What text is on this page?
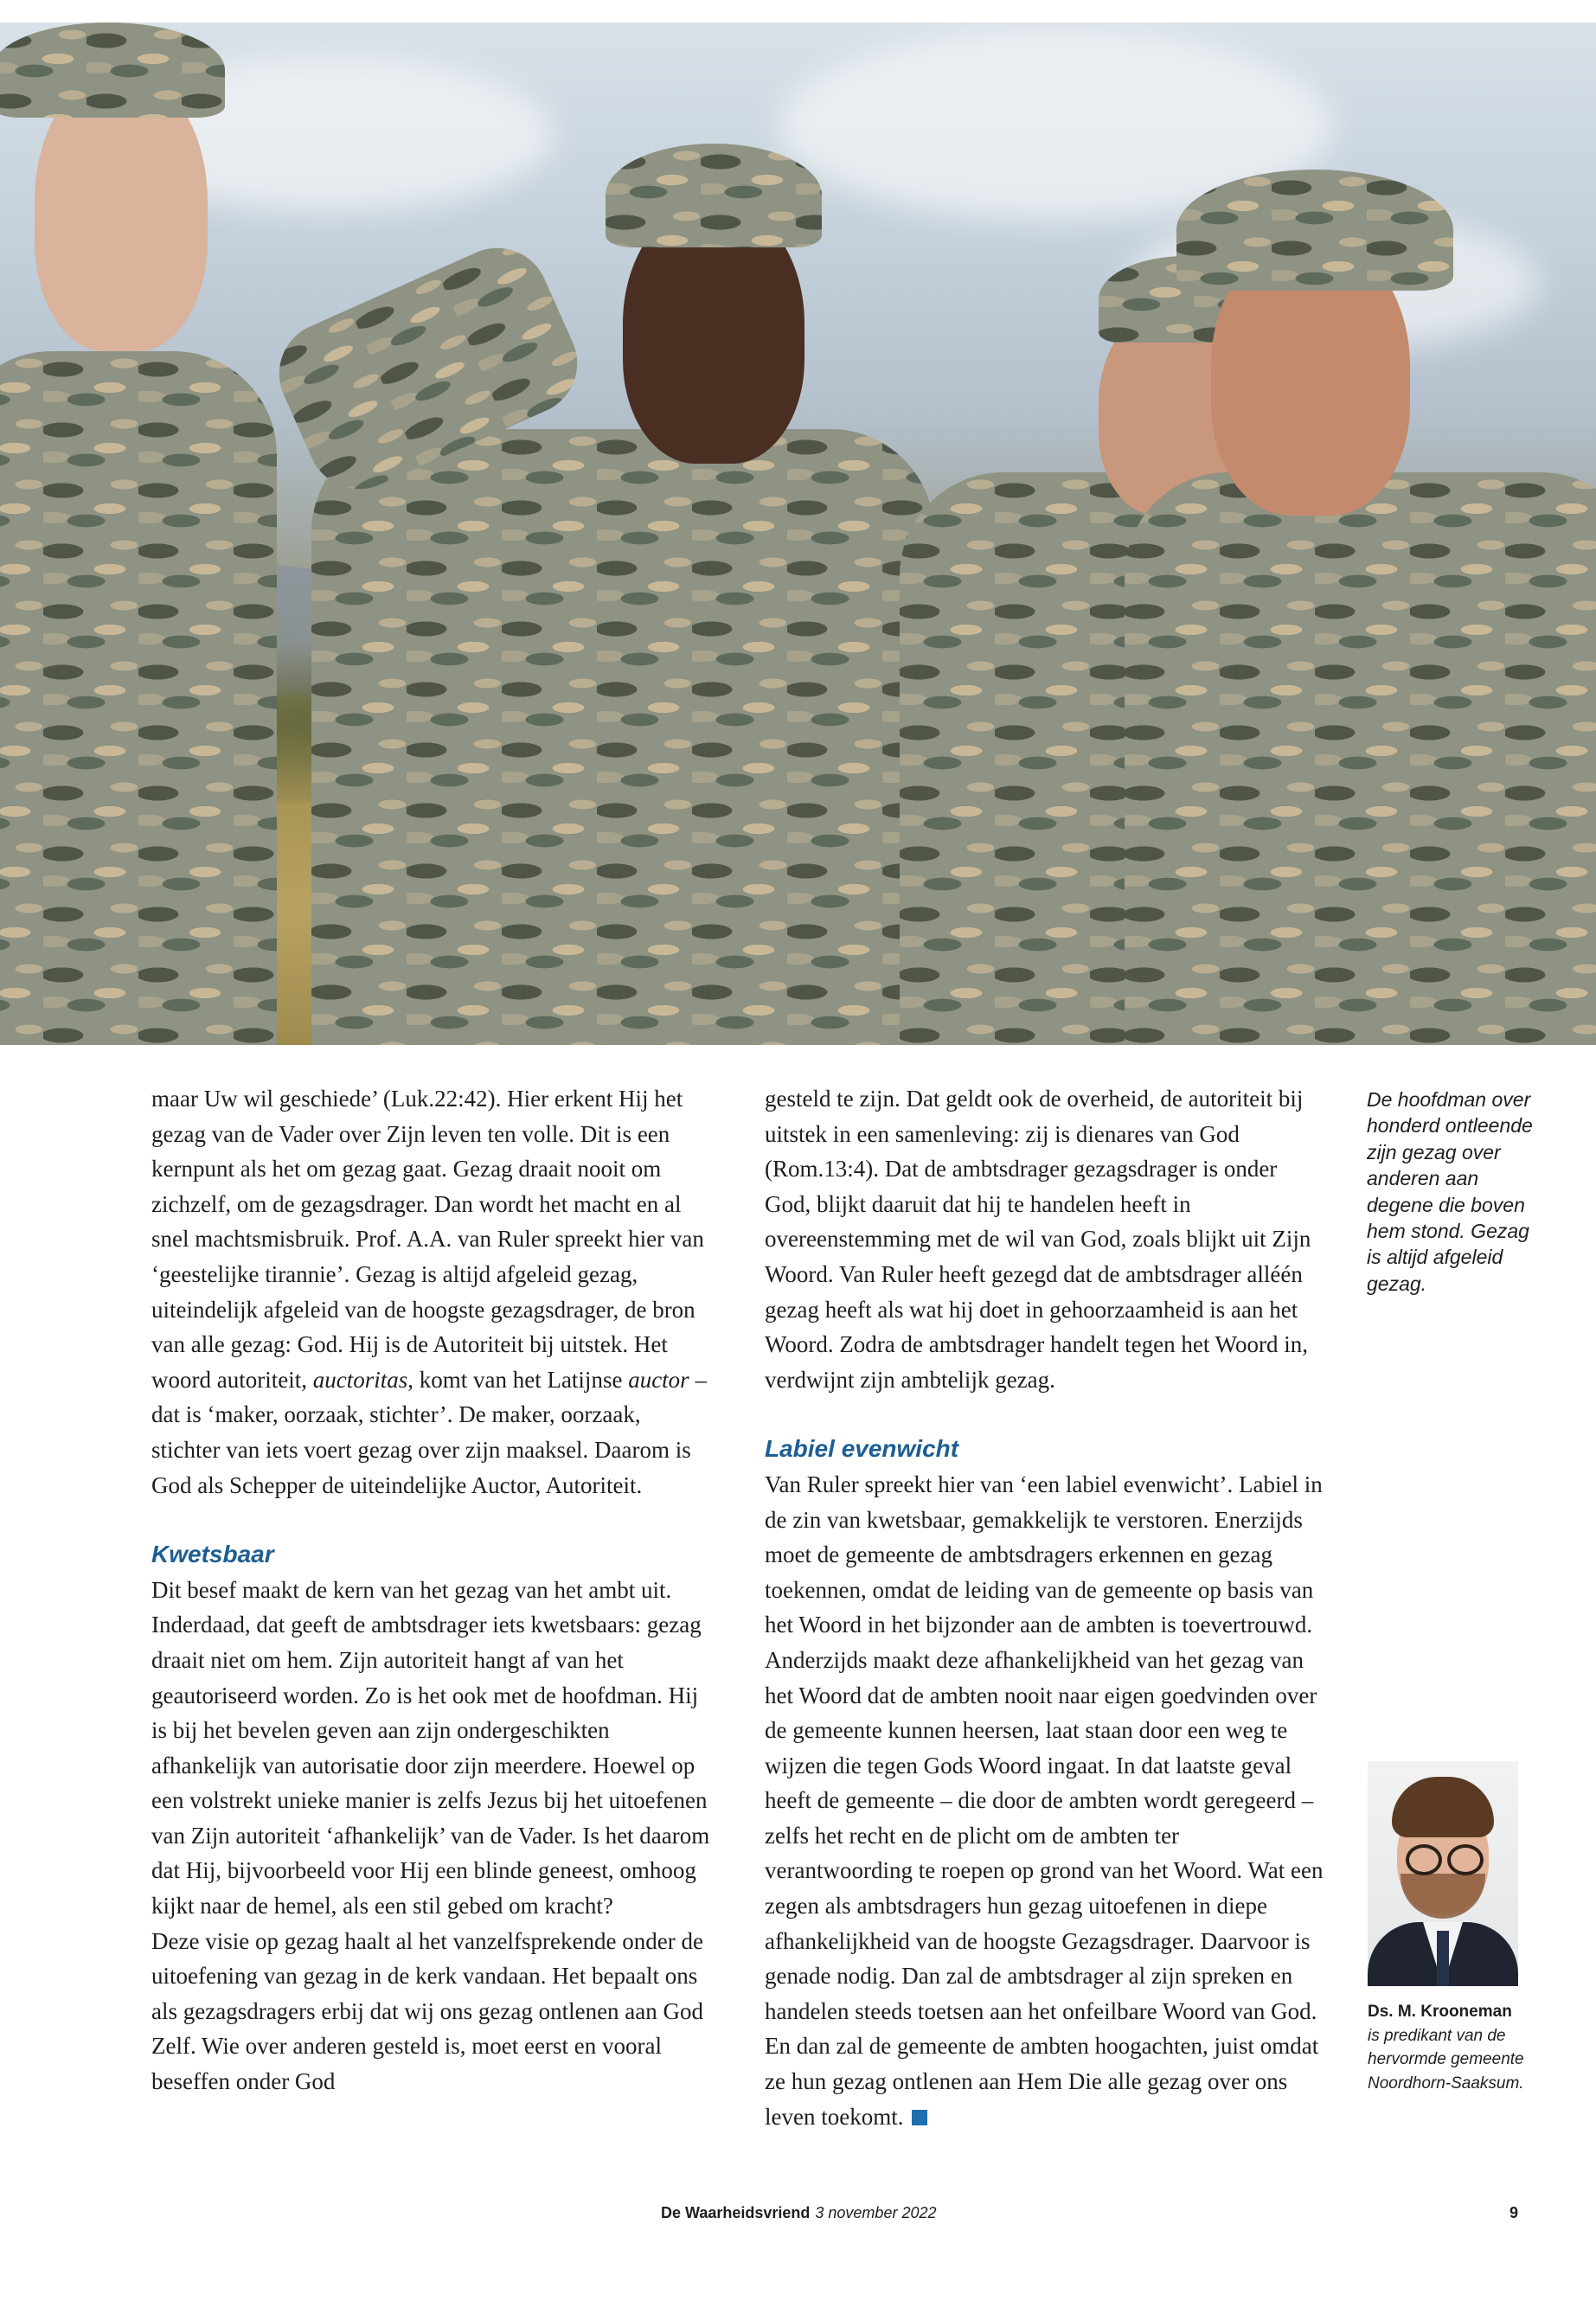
maar Uw wil geschiede’ (Luk.22:42). Hier erkent Hij het gezag van de Vader over Zijn leven ten volle. Dit is een kernpunt als het om gezag gaat. Gezag draait nooit om zichzelf, om de gezagsdrager. Dan wordt het macht en al snel machtsmisbruik. Prof. A.A. van Ruler spreekt hier van ‘geestelijke tirannie’. Gezag is altijd afgeleid gezag, uiteindelijk afgeleid van de hoogste gezagsdrager, de bron van alle gezag: God. Hij is de Autoriteit bij uitstek. Het woord autoriteit, auctoritas, komt van het Latijnse auctor – dat is ‘maker, oorzaak, stichter’. De maker, oorzaak, stichter van iets voert gezag over zijn maaksel. Daarom is God als Schepper de uiteindelijke Auctor, Autoriteit.

Kwetsbaar

Dit besef maakt de kern van het gezag van het ambt uit. Inderdaad, dat geeft de ambtsdrager iets kwetsbaars: gezag draait niet om hem. Zijn autoriteit hangt af van het geautoriseerd worden. Zo is het ook met de hoofdman. Hij is bij het bevelen geven aan zijn ondergeschikten afhankelijk van autorisatie door zijn meerdere. Hoewel op een volstrekt unieke manier is zelfs Jezus bij het uitoefenen van Zijn autoriteit ‘afhankelijk’ van de Vader. Is het daarom dat Hij, bijvoorbeeld voor Hij een blinde geneest, omhoog kijkt naar de hemel, als een stil gebed om kracht?

Deze visie op gezag haalt al het vanzelfsprekende onder de uitoefening van gezag in de kerk vandaan. Het bepaalt ons als gezagsdragers erbij dat wij ons gezag ontlenen aan God Zelf. Wie over anderen gesteld is, moet eerst en vooral beseffen onder God

gesteld te zijn. Dat geldt ook de overheid, de autoriteit bij uitstek in een samenleving: zij is dienares van God (Rom.13:4). Dat de ambtsdrager gezagsdrager is onder God, blijkt daaruit dat hij te handelen heeft in overeenstemming met de wil van God, zoals blijkt uit Zijn Woord. Van Ruler heeft gezegd dat de ambtsdrager alléén gezag heeft als wat hij doet in gehoorzaamheid is aan het Woord. Zodra de ambtsdrager handelt tegen het Woord in, verdwijnt zijn ambtelijk gezag.

Labiel evenwicht

Van Ruler spreekt hier van ‘een labiel evenwicht’. Labiel in de zin van kwetsbaar, gemakkelijk te verstoren. Enerzijds moet de gemeente de ambtsdragers erkennen en gezag toekennen, omdat de leiding van de gemeente op basis van het Woord in het bijzonder aan de ambten is toevertrouwd. Anderzijds maakt deze afhankelijkheid van het gezag van het Woord dat de ambten nooit naar eigen goedvinden over de gemeente kunnen heersen, laat staan door een weg te wijzen die tegen Gods Woord ingaat. In dat laatste geval heeft de gemeente – die door de ambten wordt geregeerd – zelfs het recht en de plicht om de ambten ter verantwoording te roepen op grond van het Woord. Wat een zegen als ambtsdragers hun gezag uitoefenen in diepe afhankelijkheid van de hoogste Gezagsdrager. Daarvoor is genade nodig. Dan zal de ambtsdrager al zijn spreken en handelen steeds toetsen aan het onfeilbare Woord van God. En dan zal de gemeente de ambten hoogachten, juist omdat ze hun gezag ontlenen aan Hem Die alle gezag over ons leven toekomt.

De hoofdman over honderd ontleende zijn gezag over anderen aan degene die boven hem stond. Gezag is altijd afgeleid gezag.
Ds. M. Krooneman
is predikant van de hervormde gemeente Noordhorn-Saaksum.
De Waarheidsvriend 3 november 2022	9
